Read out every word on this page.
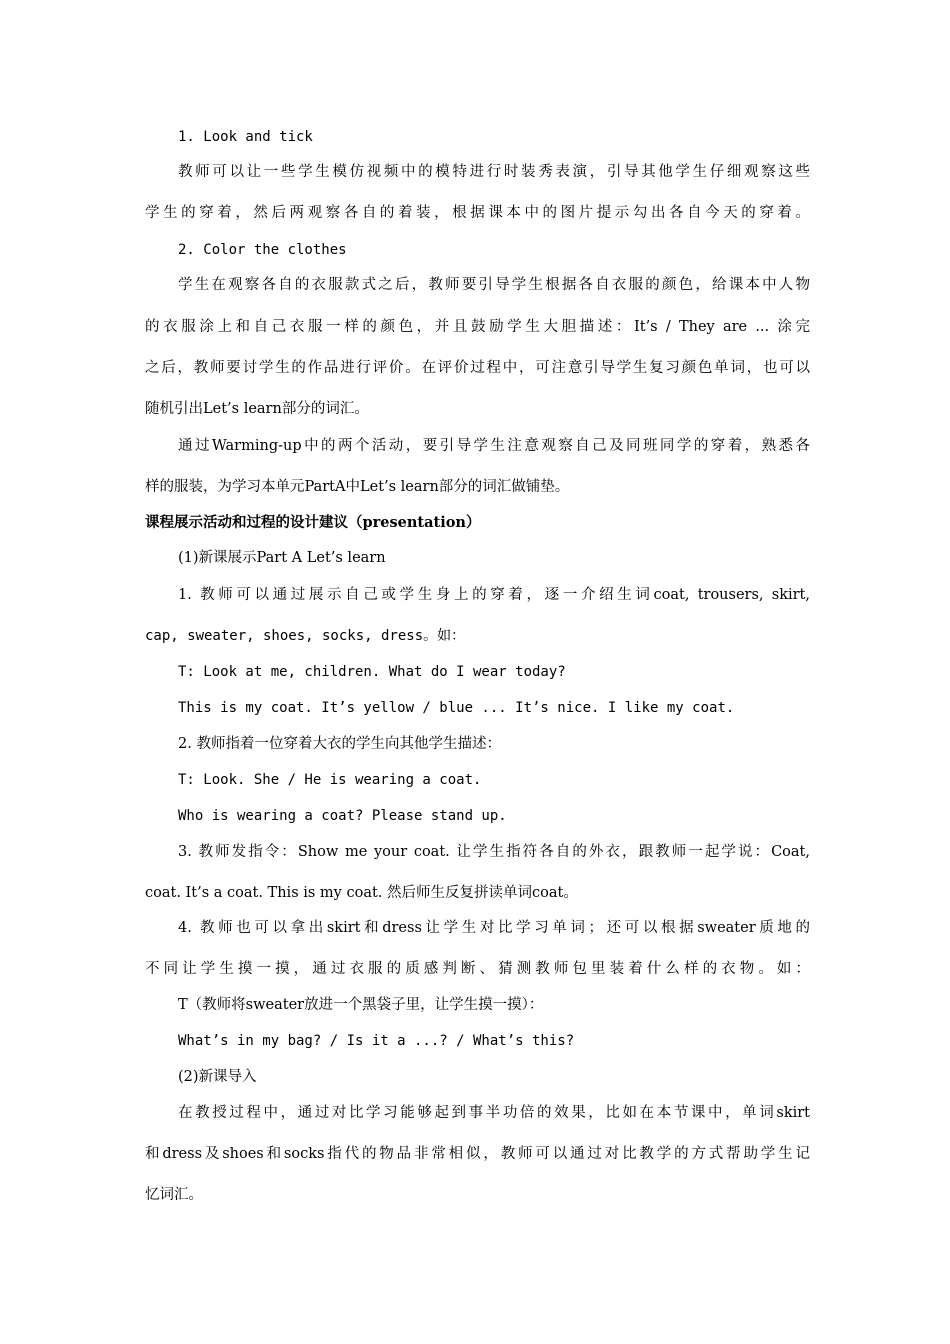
1. Look and tick

教师可以让一些学生模仿视频中的模特进行时装秀表演，引导其他学生仔细观察这些

学生的穿着，然后两观察各自的着装，根据课本中的图片提示勾出各自今天的穿着。

2. Color the clothes

学生在观察各自的衣服款式之后，教师要引导学生根据各自衣服的颜色，给课本中人物

的衣服涂上和自己衣服一样的颜色，并且鼓励学生大胆描述：It’s / They are ... 涂完

之后，教师要讨学生的作品进行评价。在评价过程中，可注意引导学生复习颜色单词，也可以

随机引出Let’s learn部分的词汇。

通过Warming-up中的两个活动，要引导学生注意观察自己及同班同学的穿着，熟悉各

样的服装，为学习本单元PartA中Let’s learn部分的词汇做铺垫。

课程展示活动和过程的设计建议（presentation）

(1)新课展示Part A Let’s learn

1. 教师可以通过展示自己或学生身上的穿着，逐一介绍生词coat, trousers, skirt,

cap, sweater, shoes, socks, dress。如：

T: Look at me, children. What do I wear today?

This is my coat. It’s yellow / blue ... It’s nice. I like my coat.

2. 教师指着一位穿着大衣的学生向其他学生描述：

T: Look. She / He is wearing a coat.

Who is wearing a coat? Please stand up.

3. 教师发指令：Show me your coat. 让学生指符各自的外衣，跟教师一起学说：Coat,

coat. It’s a coat. This is my coat. 然后师生反复拼读单词coat。

4. 教师也可以拿出skirt和dress让学生对比学习单词；还可以根据sweater质地的

不同让学生摸一摸，通过衣服的质感判断、猜测教师包里装着什么样的衣物。如：

T（教师将sweater放进一个黑袋子里，让学生摸一摸）：

What’s in my bag? / Is it a ...? / What’s this?

(2)新课导入

在教授过程中，通过对比学习能够起到事半功倍的效果，比如在本节课中，单词skirt

和dress及shoes和socks指代的物品非常相似，教师可以通过对比教学的方式帮助学生记

忆词汇。
